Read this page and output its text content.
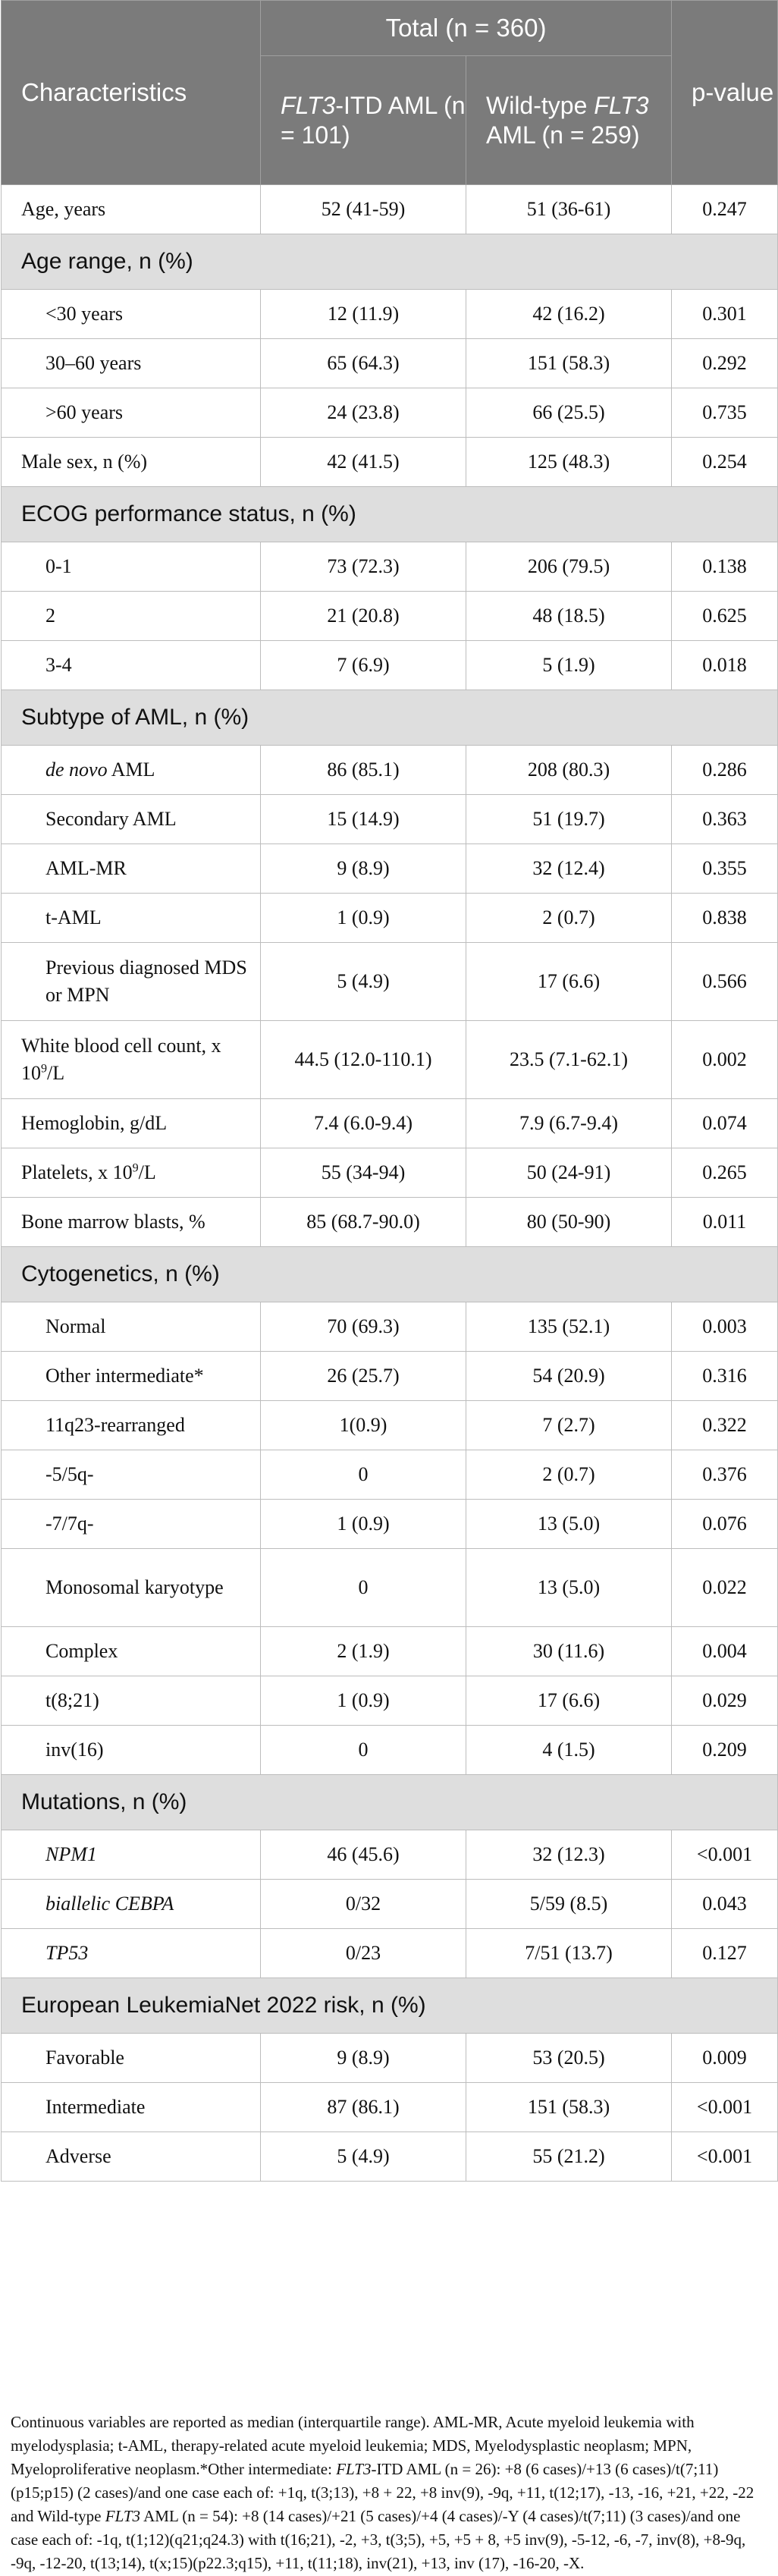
Characteristics	Total (n = 360)		p-value
	FLT3-ITD AML (n = 101)	Wild-type FLT3 AML (n = 259)	
Age, years	52 (41-59)	51 (36-61)	0.247
Age range, n (%)			
<30 years	12 (11.9)	42 (16.2)	0.301
30–60 years	65 (64.3)	151 (58.3)	0.292
>60 years	24 (23.8)	66 (25.5)	0.735
Male sex, n (%)	42 (41.5)	125 (48.3)	0.254
ECOG performance status, n (%)			
0-1	73 (72.3)	206 (79.5)	0.138
2	21 (20.8)	48 (18.5)	0.625
3-4	7 (6.9)	5 (1.9)	0.018
Subtype of AML, n (%)			
de novo AML	86 (85.1)	208 (80.3)	0.286
Secondary AML	15 (14.9)	51 (19.7)	0.363
AML-MR	9 (8.9)	32 (12.4)	0.355
t-AML	1 (0.9)	2 (0.7)	0.838
Previous diagnosed MDS or MPN	5 (4.9)	17 (6.6)	0.566
White blood cell count, x $10^9/L$	44.5 (12.0-110.1)	23.5 (7.1-62.1)	0.002
Hemoglobin, g/dL	7.4 (6.0-9.4)	7.9 (6.7-9.4)	0.074
Platelets, x $10^9/L$	55 (34-94)	50 (24-91)	0.265
Bone marrow blasts, %	85 (68.7-90.0)	80 (50-90)	0.011
Cytogenetics, n (%)			
Normal	70 (69.3)	135 (52.1)	0.003
Other intermediate*	26 (25.7)	54 (20.9)	0.316
11q23-rearranged	1(0.9)	7 (2.7)	0.322
-5/5q-	0	2 (0.7)	0.376
-7/7q-	1 (0.9)	13 (5.0)	0.076
Monosomal karyotype	0	13 (5.0)	0.022
Complex	2 (1.9)	30 (11.6)	0.004
t(8;21)	1 (0.9)	17 (6.6)	0.029
inv(16)	0	4 (1.5)	0.209
Mutations, n (%)			
NPM1	46 (45.6)	32 (12.3)	<0.001
biallelic CEBPA	0/32	5/59 (8.5)	0.043
TP53	0/23	7/51 (13.7)	0.127
European LeukemiaNet 2022 risk, n (%)			
Favorable	9 (8.9)	53 (20.5)	0.009
Intermediate	87 (86.1)	151 (58.3)	<0.001
Adverse	5 (4.9)	55 (21.2)	<0.001
Continuous variables are reported as median (interquartile range). AML-MR, Acute myeloid leukemia with myelodysplasia; t-AML, therapy-related acute myeloid leukemia; MDS, Myelodysplastic neoplasm; MPN, Myeloproliferative neoplasm.*Other intermediate: FLT3-ITD AML (n = 26): +8 (6 cases)/+13 (6 cases)/t(7;11)(p15;p15) (2 cases)/and one case each of: +1q, t(3;13), +8 + 22, +8 inv(9), -9q, +11, t(12;17), -13, -16, +21, +22, -22 and Wild-type FLT3 AML (n = 54): +8 (14 cases)/+21 (5 cases)/+4 (4 cases)/-Y (4 cases)/t(7;11) (3 cases)/and one case each of: -1q, t(1;12)(q21;q24.3) with t(16;21), -2, +3, t(3;5), +5, +5 + 8, +5 inv(9), -5-12, -6, -7, inv(8), +8-9q, -9q, -12-20, t(13;14), t(x;15)(p22.3;q15), +11, t(11;18), inv(21), +13, inv (17), -16-20, -X.
